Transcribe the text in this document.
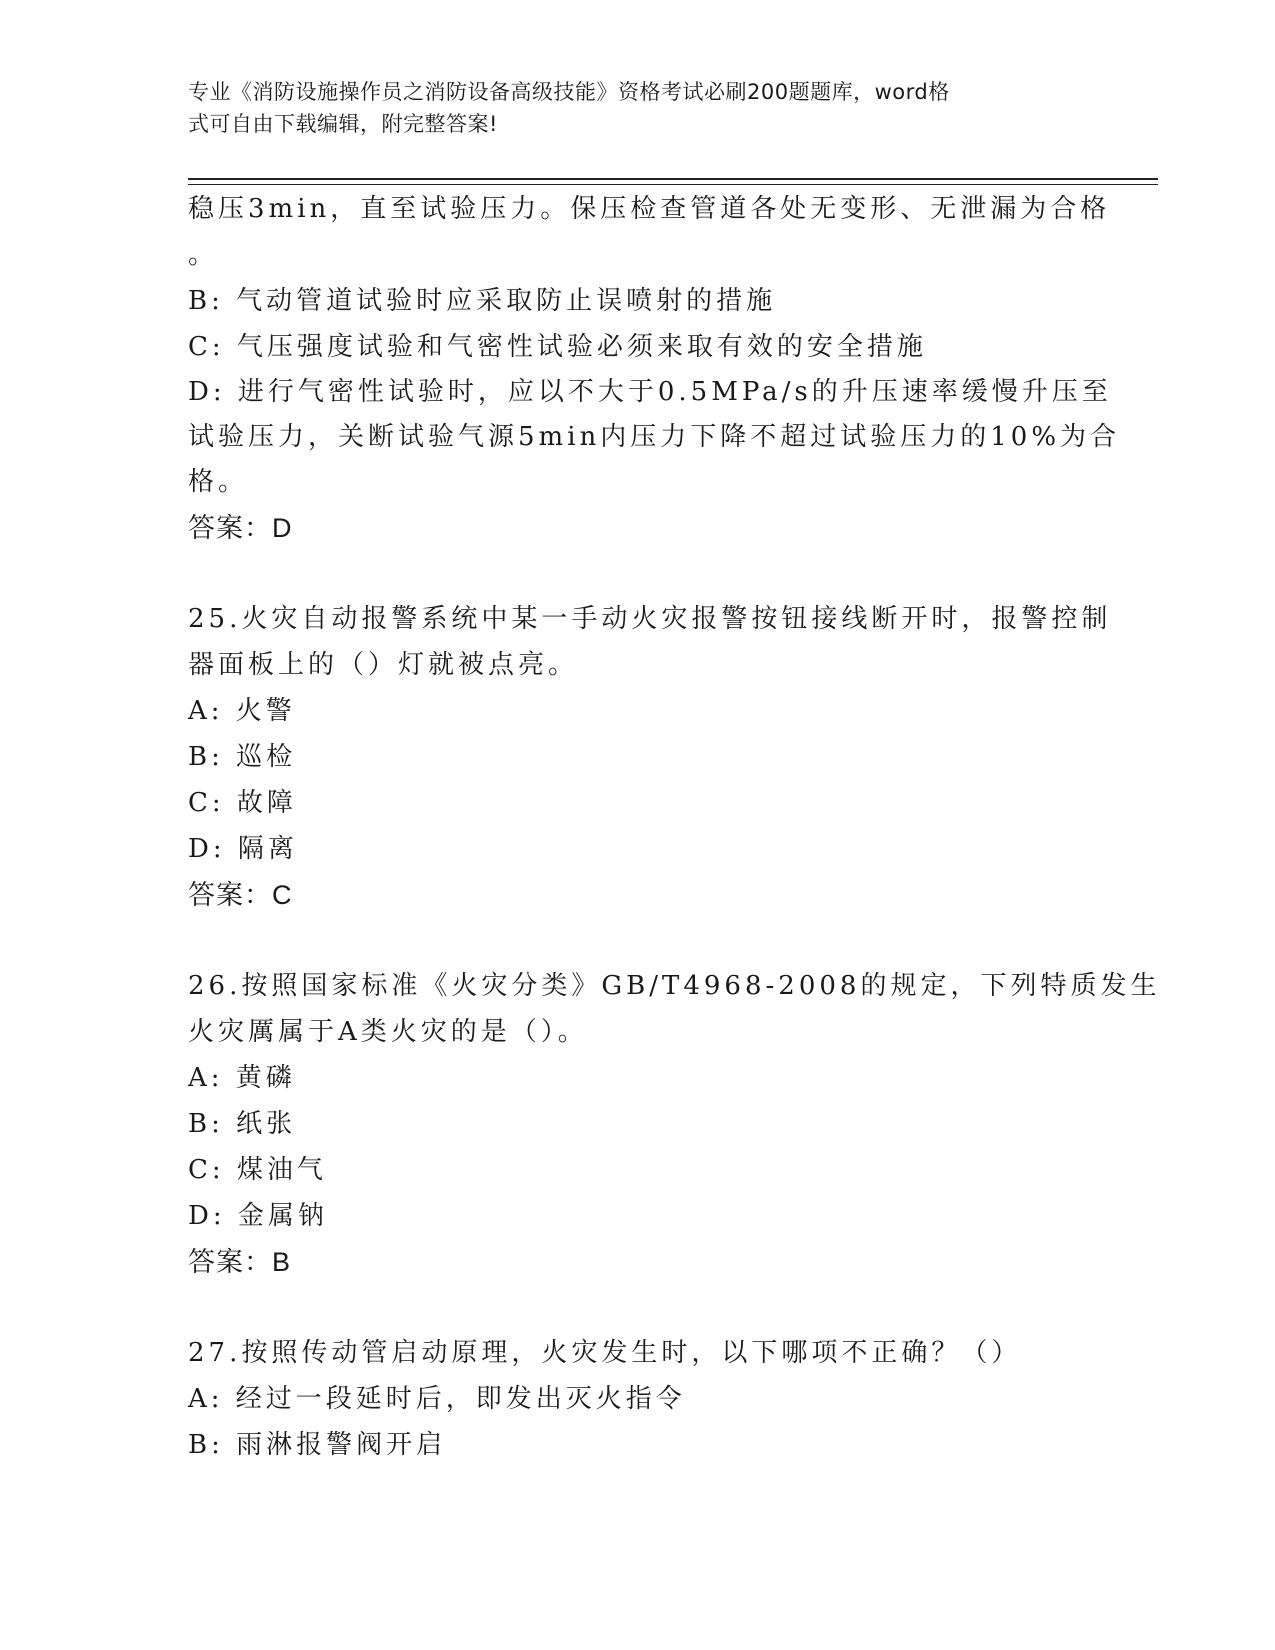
专业《消防设施操作员之消防设备高级技能》资格考试必刷200题题库，word格
式可自由下载编辑，附完整答案!
稳压3min，直至试验压力。保压检查管道各处无变形、无泄漏为合格
。
B: 气动管道试验时应采取防止误喷射的措施
C: 气压强度试验和气密性试验必须来取有效的安全措施
D: 进行气密性试验时，应以不大于0.5MPa/s的升压速率缓慢升压至
试验压力，关断试验气源5min内压力下降不超过试验压力的10%为合
格。
答案：D
25.火灾自动报警系统中某一手动火灾报警按钮接线断开时，报警控制
器面板上的（）灯就被点亮。
A: 火警
B: 巡检
C: 故障
D: 隔离
答案：C
26.按照国家标准《火灾分类》GB/T4968-2008的规定，下列特质发生
火灾厲属于A类火灾的是（）。
A: 黄磷
B: 纸张
C: 煤油气
D: 金属钠
答案：B
27.按照传动管启动原理，火灾发生时，以下哪项不正确？（）
A: 经过一段延时后，即发出灭火指令
B: 雨淋报警阀开启
